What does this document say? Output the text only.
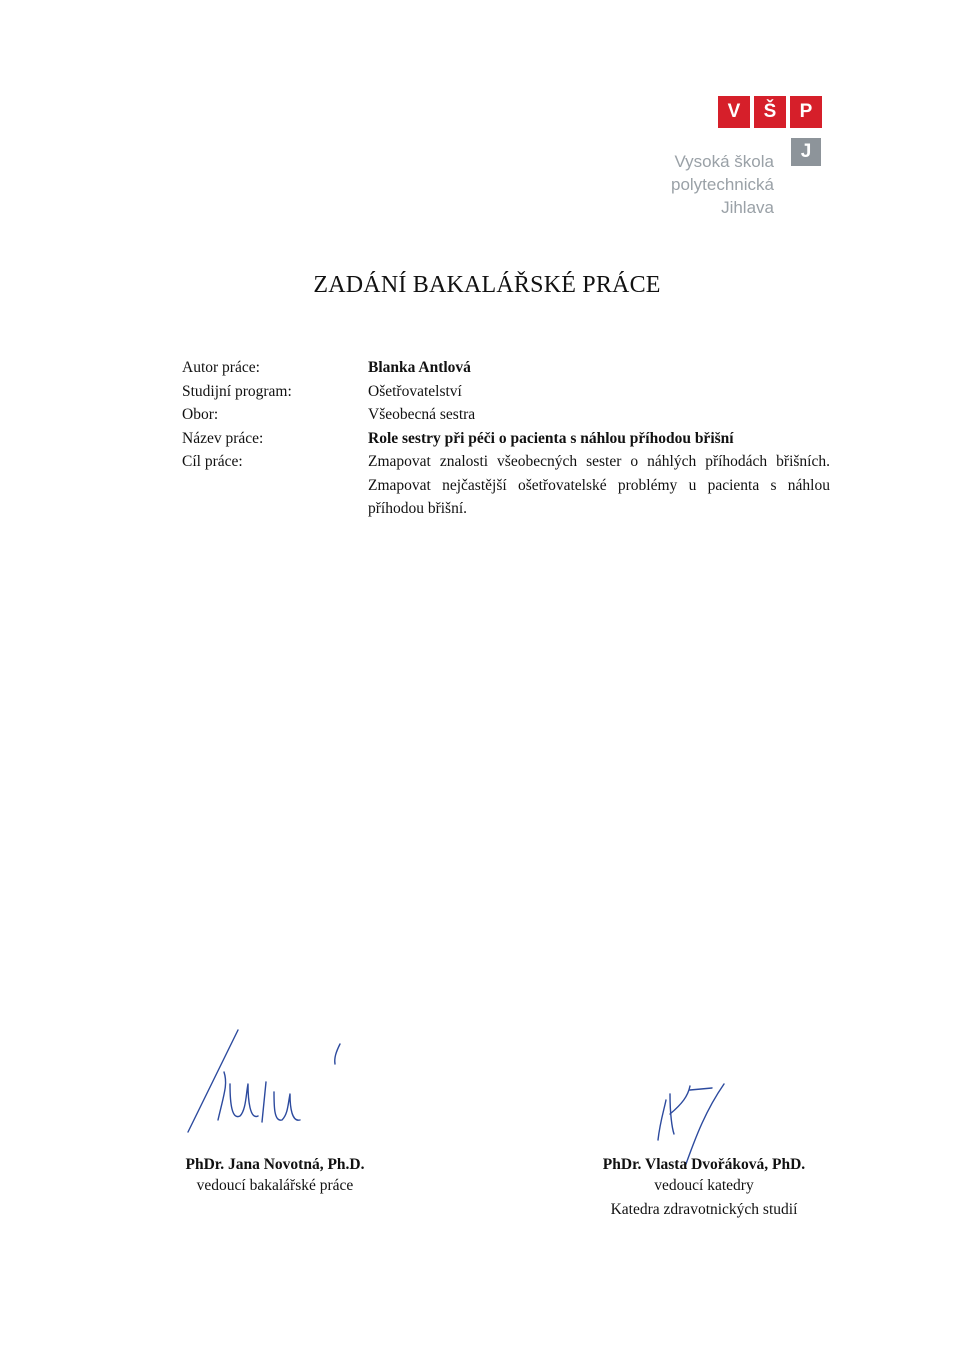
V	Š	P
J
Vysoká škola
polytechnická
Jihlava
ZADÁNÍ BAKALÁŘSKÉ PRÁCE
Autor práce:	Blanka Antlová
Studijní program:	Ošetřovatelství
Obor:	Všeobecná sestra
Název práce:	Role sestry při péči o pacienta s náhlou příhodou břišní
Cíl práce:	Zmapovat znalosti všeobecných sester o náhlých příhodách břišních. Zmapovat nejčastější ošetřovatelské problémy u pacienta s náhlou příhodou břišní.
PhDr. Jana Novotná, Ph.D.
vedoucí bakalářské práce
PhDr. Vlasta Dvořáková, PhD.
vedoucí katedry
Katedra zdravotnických studií
